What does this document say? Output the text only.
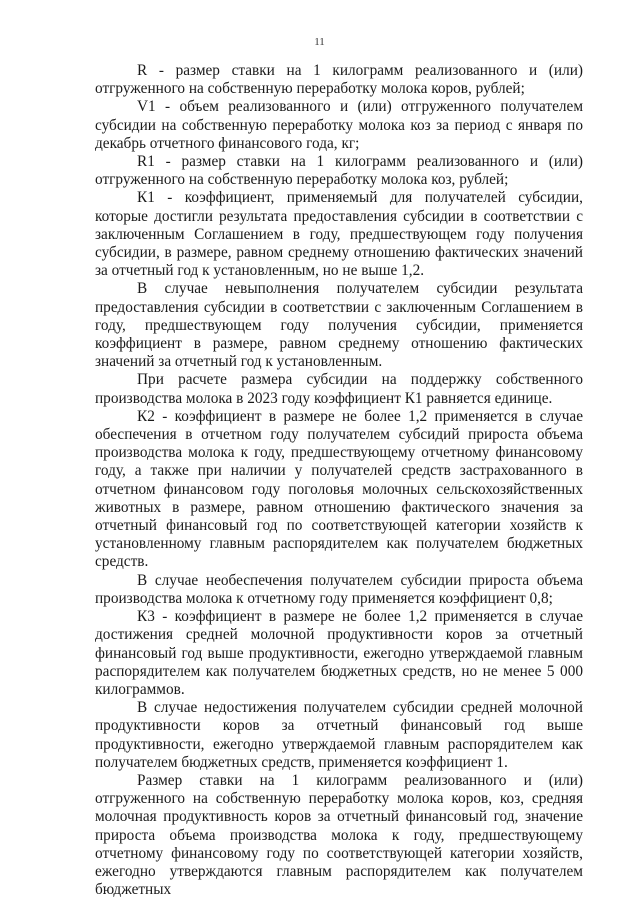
11

R - размер ставки на 1 килограмм реализованного и (или) отгруженного на собственную переработку молока коров, рублей;

V1 - объем реализованного и (или) отгруженного получателем субсидии на собственную переработку молока коз за период с января по декабрь отчетного финансового года, кг;

R1 - размер ставки на 1 килограмм реализованного и (или) отгруженного на собственную переработку молока коз, рублей;

К1 - коэффициент, применяемый для получателей субсидии, которые достигли результата предоставления субсидии в соответствии с заключенным Соглашением в году, предшествующем году получения субсидии, в размере, равном среднему отношению фактических значений за отчетный год к установленным, но не выше 1,2.

В случае невыполнения получателем субсидии результата предоставления субсидии в соответствии с заключенным Соглашением в году, предшествующем году получения субсидии, применяется коэффициент в размере, равном среднему отношению фактических значений за отчетный год к установленным.

При расчете размера субсидии на поддержку собственного производства молока в 2023 году коэффициент К1 равняется единице.

К2 - коэффициент в размере не более 1,2 применяется в случае обеспечения в отчетном году получателем субсидий прироста объема производства молока к году, предшествующему отчетному финансовому году, а также при наличии у получателей средств застрахованного в отчетном финансовом году поголовья молочных сельскохозяйственных животных в размере, равном отношению фактического значения за отчетный финансовый год по соответствующей категории хозяйств к установленному главным распорядителем как получателем бюджетных средств.

В случае необеспечения получателем субсидии прироста объема производства молока к отчетному году применяется коэффициент 0,8;

К3 - коэффициент в размере не более 1,2 применяется в случае достижения средней молочной продуктивности коров за отчетный финансовый год выше продуктивности, ежегодно утверждаемой главным распорядителем как получателем бюджетных средств, но не менее 5 000 килограммов.

В случае недостижения получателем субсидии средней молочной продуктивности коров за отчетный финансовый год выше продуктивности, ежегодно утверждаемой главным распорядителем как получателем бюджетных средств, применяется коэффициент 1.

Размер ставки на 1 килограмм реализованного и (или) отгруженного на собственную переработку молока коров, коз, средняя молочная продуктивность коров за отчетный финансовый год, значение прироста объема производства молока к году, предшествующему отчетному финансовому году по соответствующей категории хозяйств, ежегодно утверждаются главным распорядителем как получателем бюджетных
